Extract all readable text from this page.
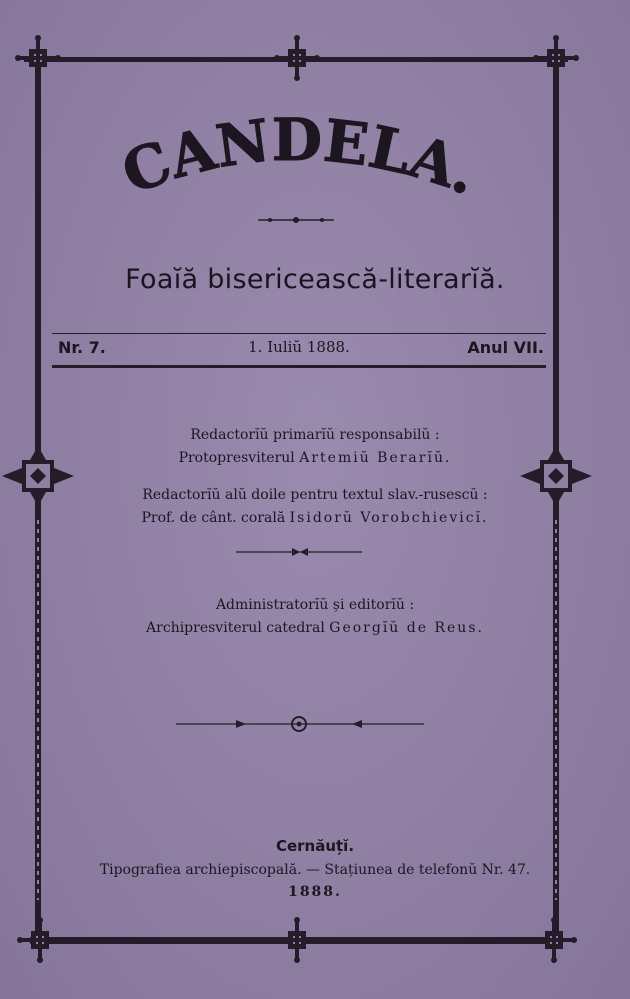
CANDELA.
Foaĭă bisericească-literarĭă.
Nr. 7.	1. Iuliŭ 1888.	Anul VII.
Redactorĭŭ primarĭŭ responsabilŭ :
Protopresviterul Artemiŭ Berarĭŭ.
Redactorĭŭ alŭ doile pentru textul slav.-rusescŭ :
Prof. de cânt. corală Isidorŭ Vorobchievicĭ.
Administratorĭŭ și editorĭŭ :
Archipresviterul catedral Georgĭŭ de Reus.
Cernăuțĭ.
Tipografiea archiepiscopală. — Stațiunea de telefonŭ Nr. 47.
1888.
